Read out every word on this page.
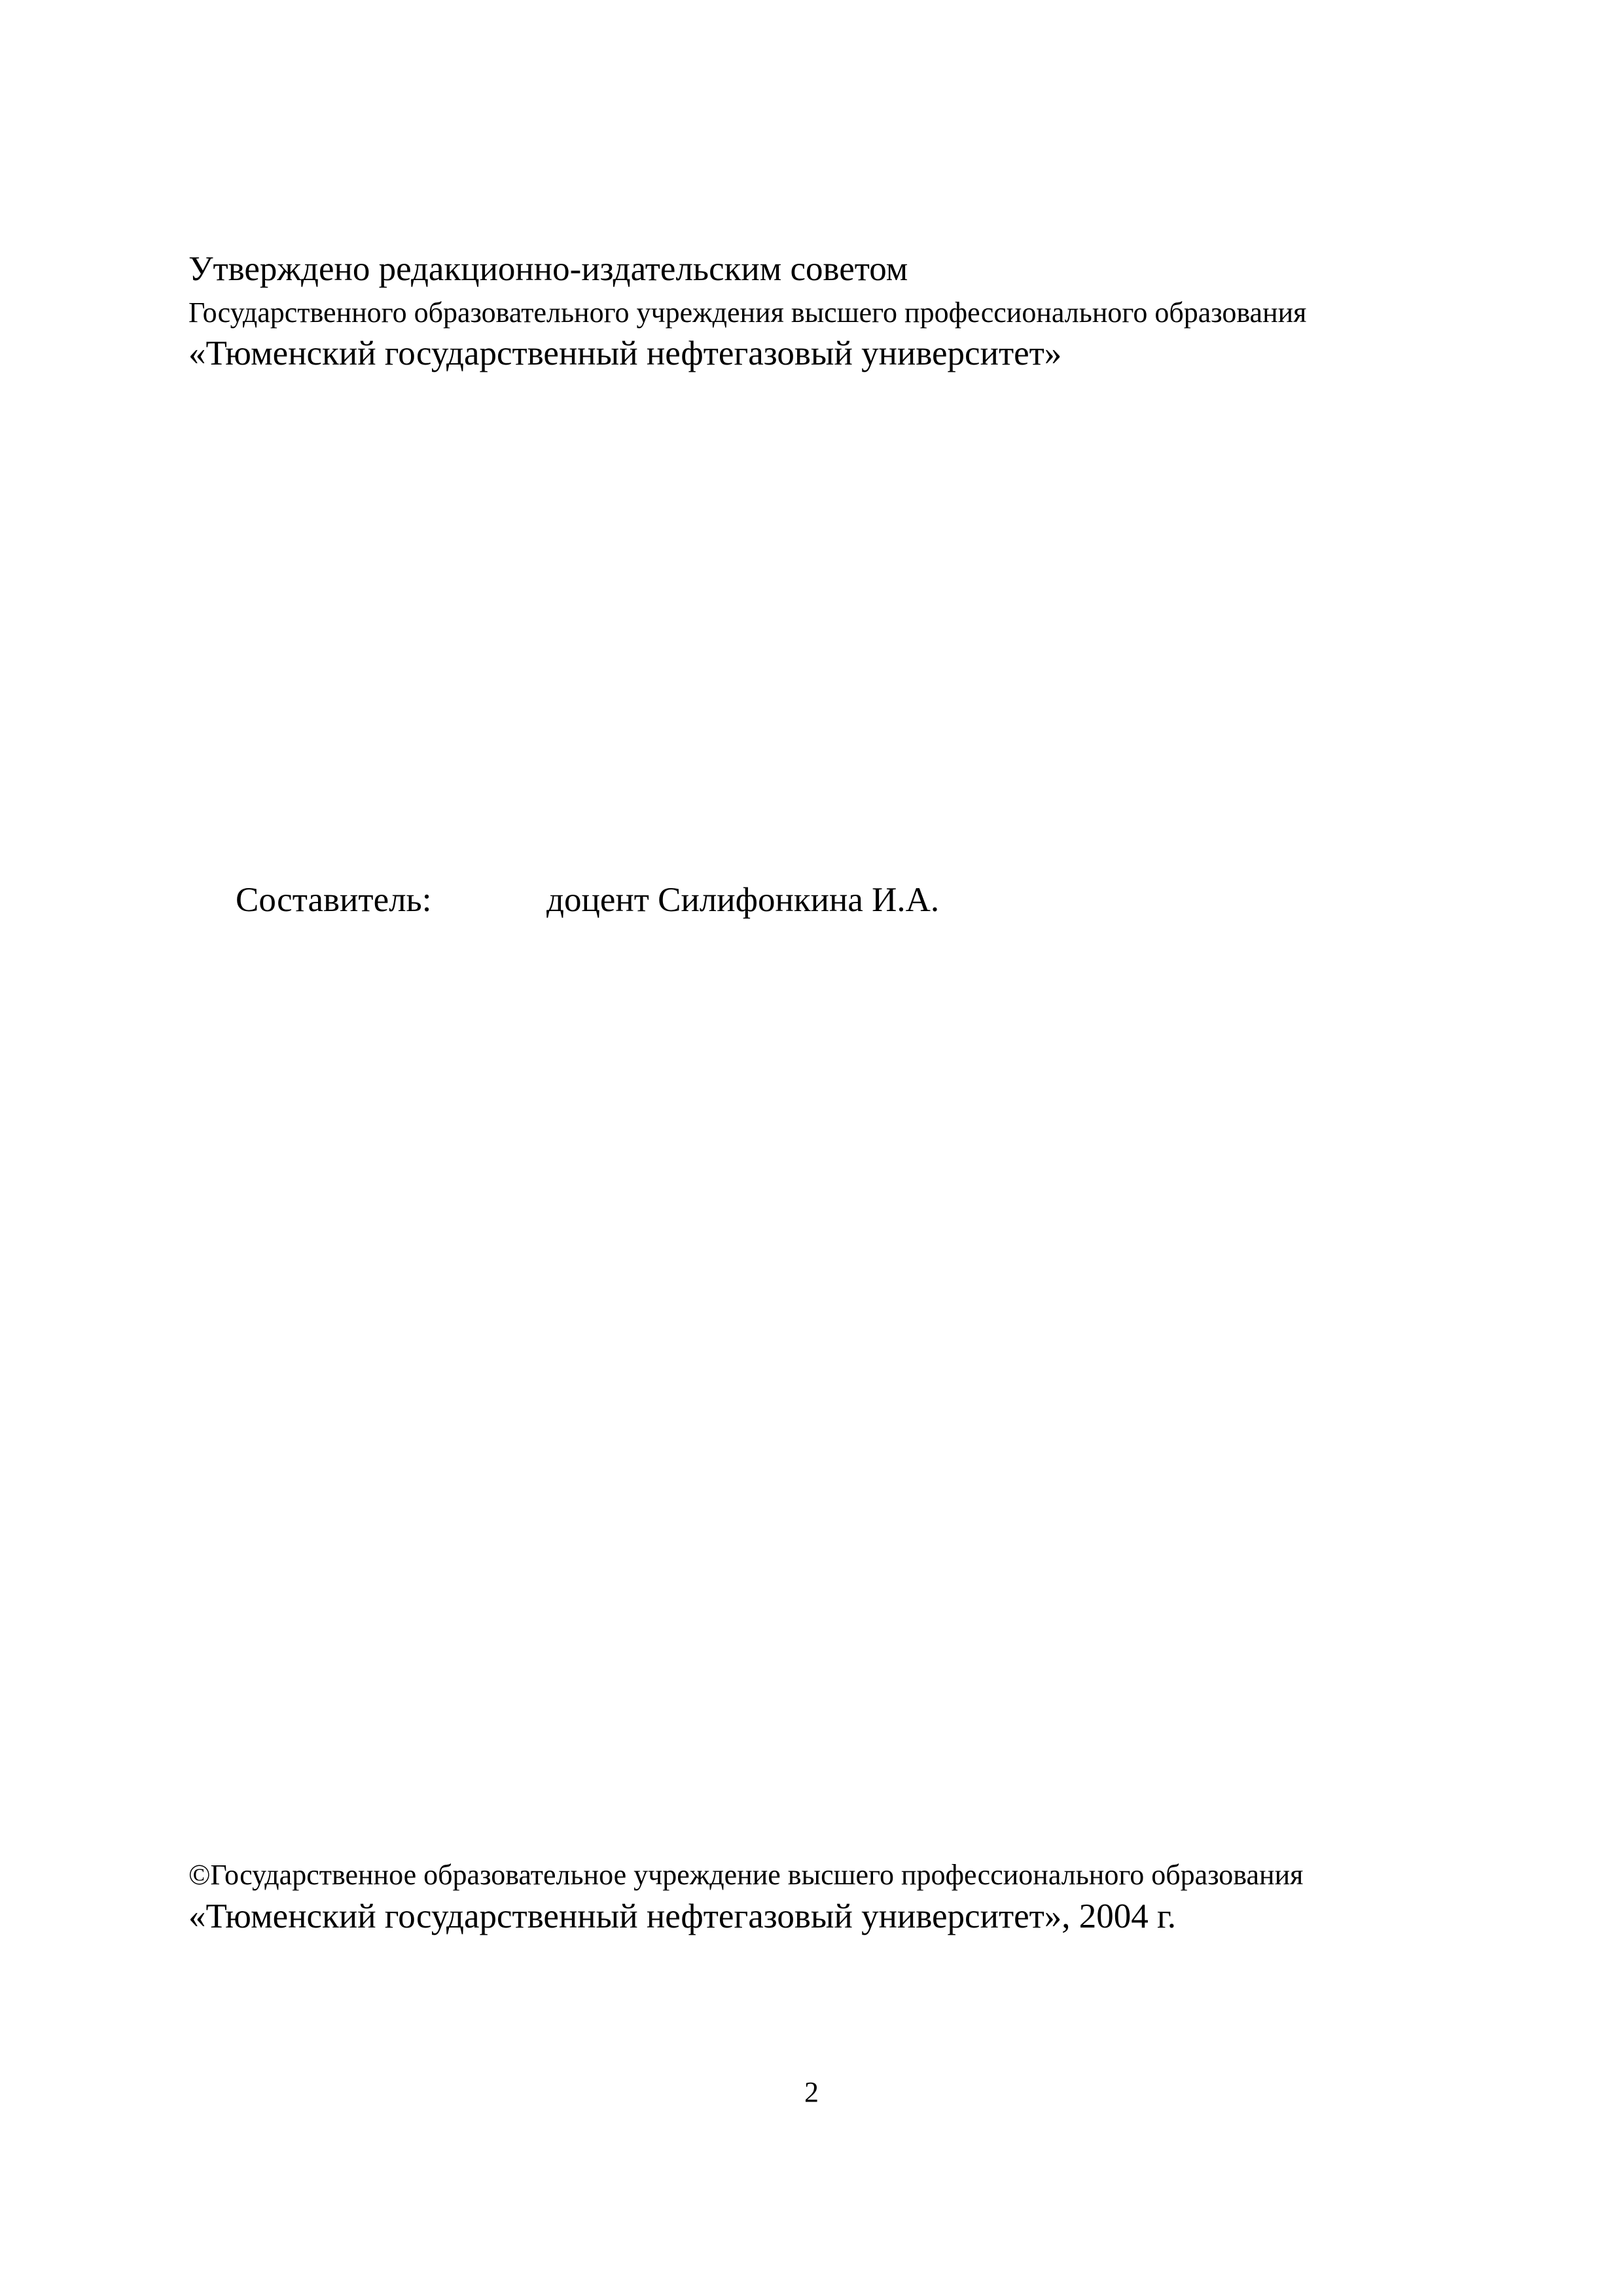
Утверждено редакционно-издательским советом
Государственного образовательного учреждения высшего профессионального образования
«Тюменский государственный нефтегазовый университет»
Составитель:	доцент Силифонкина И.А.
©Государственное образовательное учреждение высшего профессионального образования
«Тюменский государственный нефтегазовый университет», 2004 г.
2
